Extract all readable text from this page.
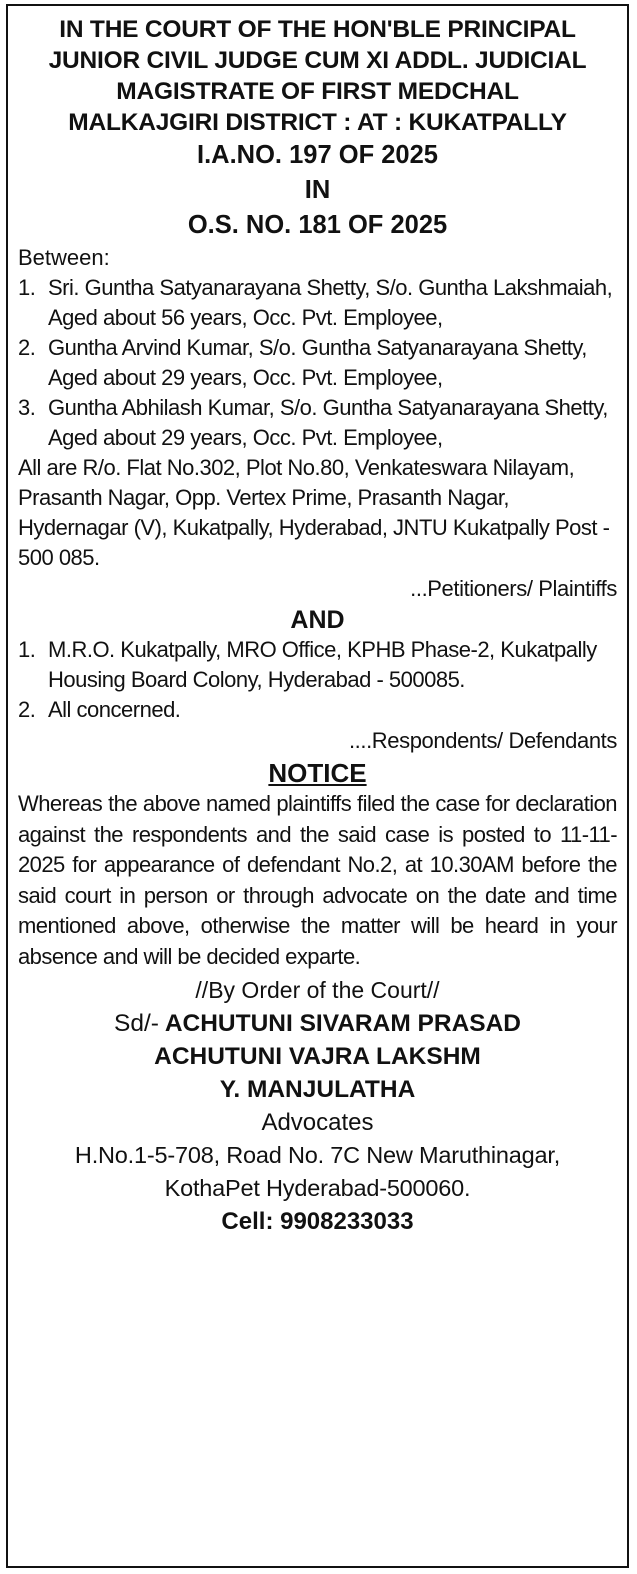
IN THE COURT OF THE HON'BLE PRINCIPAL
JUNIOR CIVIL JUDGE CUM XI ADDL. JUDICIAL
MAGISTRATE OF FIRST MEDCHAL
MALKAJGIRI DISTRICT : AT : KUKATPALLY
I.A.NO. 197 OF 2025
IN
O.S. NO. 181 OF 2025
Between:
1. Sri. Guntha Satyanarayana Shetty, S/o. Guntha Lakshmaiah, Aged about 56 years, Occ. Pvt. Employee,
2. Guntha Arvind Kumar, S/o. Guntha Satyanarayana Shetty, Aged about 29 years, Occ. Pvt. Employee,
3. Guntha Abhilash Kumar, S/o. Guntha Satyanarayana Shetty, Aged about 29 years, Occ. Pvt. Employee,
All are R/o. Flat No.302, Plot No.80, Venkateswara Nilayam, Prasanth Nagar, Opp. Vertex Prime, Prasanth Nagar, Hydernagar (V), Kukatpally, Hyderabad, JNTU Kukatpally Post - 500 085.
...Petitioners/ Plaintiffs
AND
1. M.R.O. Kukatpally, MRO Office, KPHB Phase-2, Kukatpally Housing Board Colony, Hyderabad - 500085.
2. All concerned.
....Respondents/ Defendants
NOTICE
Whereas the above named plaintiffs filed the case for declaration against the respondents and the said case is posted to 11-11-2025 for appearance of defendant No.2, at 10.30AM before the said court in person or through advocate on the date and time mentioned above, otherwise the matter will be heard in your absence and will be decided exparte.
//By Order of the Court//
Sd/- ACHUTUNI SIVARAM PRASAD
ACHUTUNI VAJRA LAKSHM
Y. MANJULATHA
Advocates
H.No.1-5-708, Road No. 7C New Maruthinagar,
KothaPet Hyderabad-500060.
Cell: 9908233033
